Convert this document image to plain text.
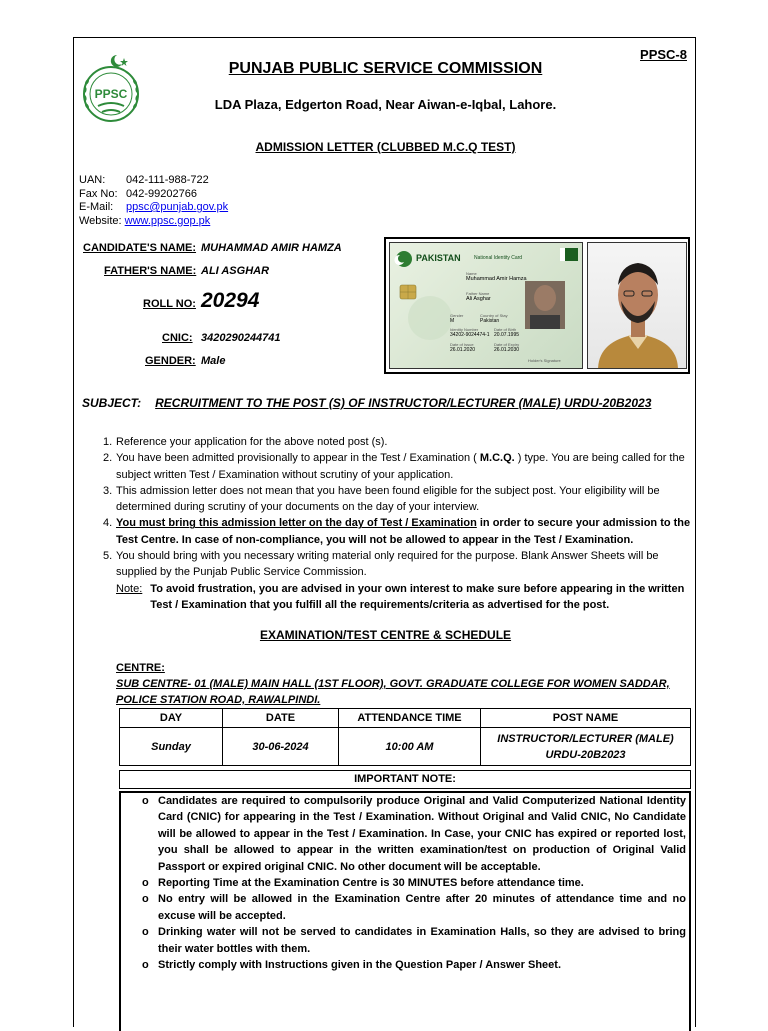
PPSC-8
PPSC
PUNJAB PUBLIC SERVICE COMMISSION
LDA Plaza, Edgerton Road, Near Aiwan-e-Iqbal, Lahore.
ADMISSION LETTER (CLUBBED M.C.Q TEST)
UAN: 042-111-988-722
Fax No: 042-99202766
E-Mail: ppsc@punjab.gov.pk
Website: www.ppsc.gop.pk
CANDIDATE'S NAME: MUHAMMAD AMIR HAMZA
FATHER'S NAME: ALI ASGHAR
ROLL NO: 20294
CNIC: 3420290244741
GENDER: Male
PAKISTAN	National Identity Card
Name
Muhammad Amir Hamza
Father Name
Ali Asghar
Gender
M
Country of Stay
Pakistan
Identity Number
34202-9024474-1
Date of Birth
20.07.1995
Date of Issue
26.01.2020
Date of Expiry
26.01.2030
Holder's Signature
SUBJECT: RECRUITMENT TO THE POST (S) OF INSTRUCTOR/LECTURER (MALE) URDU-20B2023
1. Reference your application for the above noted post (s).
2. You have been admitted provisionally to appear in the Test / Examination ( M.C.Q. ) type. You are being called for the subject written Test / Examination without scrutiny of your application.
3. This admission letter does not mean that you have been found eligible for the subject post. Your eligibility will be determined during scrutiny of your documents on the day of your interview.
4. You must bring this admission letter on the day of Test / Examination in order to secure your admission to the Test Centre. In case of non-compliance, you will not be allowed to appear in the Test / Examination.
5. You should bring with you necessary writing material only required for the purpose. Blank Answer Sheets will be supplied by the Punjab Public Service Commission.
Note: To avoid frustration, you are advised in your own interest to make sure before appearing in the written Test / Examination that you fulfill all the requirements/criteria as advertised for the post.
EXAMINATION/TEST CENTRE & SCHEDULE
CENTRE:
SUB CENTRE- 01 (MALE) MAIN HALL (1ST FLOOR), GOVT. GRADUATE COLLEGE FOR WOMEN SADDAR, POLICE STATION ROAD, RAWALPINDI.
DAY	DATE	ATTENDANCE TIME	POST NAME
Sunday	30-06-2024	10:00 AM	INSTRUCTOR/LECTURER (MALE) URDU-20B2023
IMPORTANT NOTE:
o Candidates are required to compulsorily produce Original and Valid Computerized National Identity Card (CNIC) for appearing in the Test / Examination. Without Original and Valid CNIC, No Candidate will be allowed to appear in the Test / Examination. In Case, your CNIC has expired or reported lost, you shall be allowed to appear in the written examination/test on production of Original Valid Passport or expired original CNIC. No other document will be acceptable.
o Reporting Time at the Examination Centre is 30 MINUTES before attendance time.
o No entry will be allowed in the Examination Centre after 20 minutes of attendance time and no excuse will be accepted.
o Drinking water will not be served to candidates in Examination Halls, so they are advised to bring their water bottles with them.
o Strictly comply with Instructions given in the Question Paper / Answer Sheet.
